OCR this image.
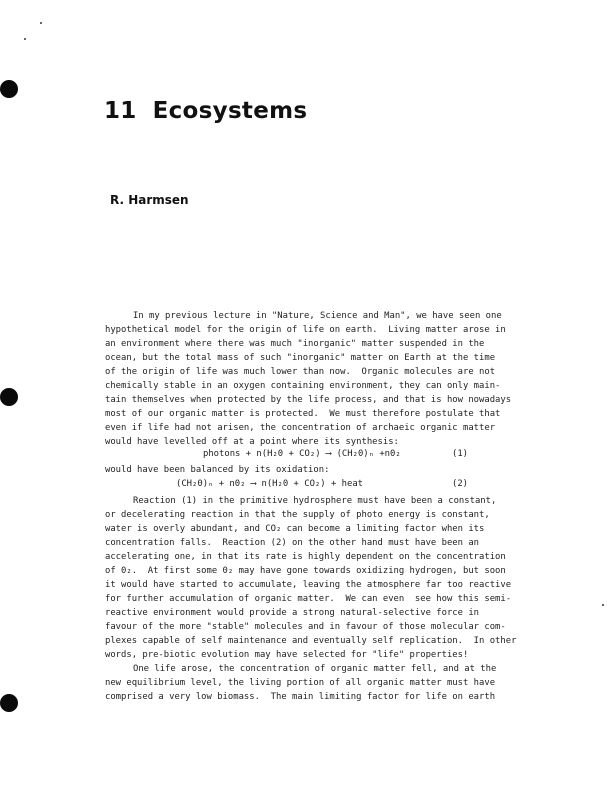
11 Ecosystems
R. Harmsen
In my previous lecture in "Nature, Science and Man", we have seen one
hypothetical model for the origin of life on earth.  Living matter arose in
an environment where there was much "inorganic" matter suspended in the
ocean, but the total mass of such "inorganic" matter on Earth at the time
of the origin of life was much lower than now.  Organic molecules are not
chemically stable in an oxygen containing environment, they can only main-
tain themselves when protected by the life process, and that is how nowadays
most of our organic matter is protected.  We must therefore postulate that
even if life had not arisen, the concentration of archaeic organic matter
would have levelled off at a point where its synthesis:
photons + n(H₂0 + CO₂) ⟶ (CH₂0)ₙ +n0₂	(1)
would have been balanced by its oxidation:
(CH₂0)ₙ + n0₂ ⟶ n(H₂0 + CO₂) + heat	(2)
Reaction (1) in the primitive hydrosphere must have been a constant,
or decelerating reaction in that the supply of photo energy is constant,
water is overly abundant, and CO₂ can become a limiting factor when its
concentration falls.  Reaction (2) on the other hand must have been an
accelerating one, in that its rate is highly dependent on the concentration
of 0₂.  At first some 0₂ may have gone towards oxidizing hydrogen, but soon
it would have started to accumulate, leaving the atmosphere far too reactive
for further accumulation of organic matter.  We can even  see how this semi-
reactive environment would provide a strong natural-selective force in
favour of the more "stable" molecules and in favour of those molecular com-
plexes capable of self maintenance and eventually self replication.  In other
words, pre-biotic evolution may have selected for "life" properties!
One life arose, the concentration of organic matter fell, and at the
new equilibrium level, the living portion of all organic matter must have
comprised a very low biomass.  The main limiting factor for life on earth
